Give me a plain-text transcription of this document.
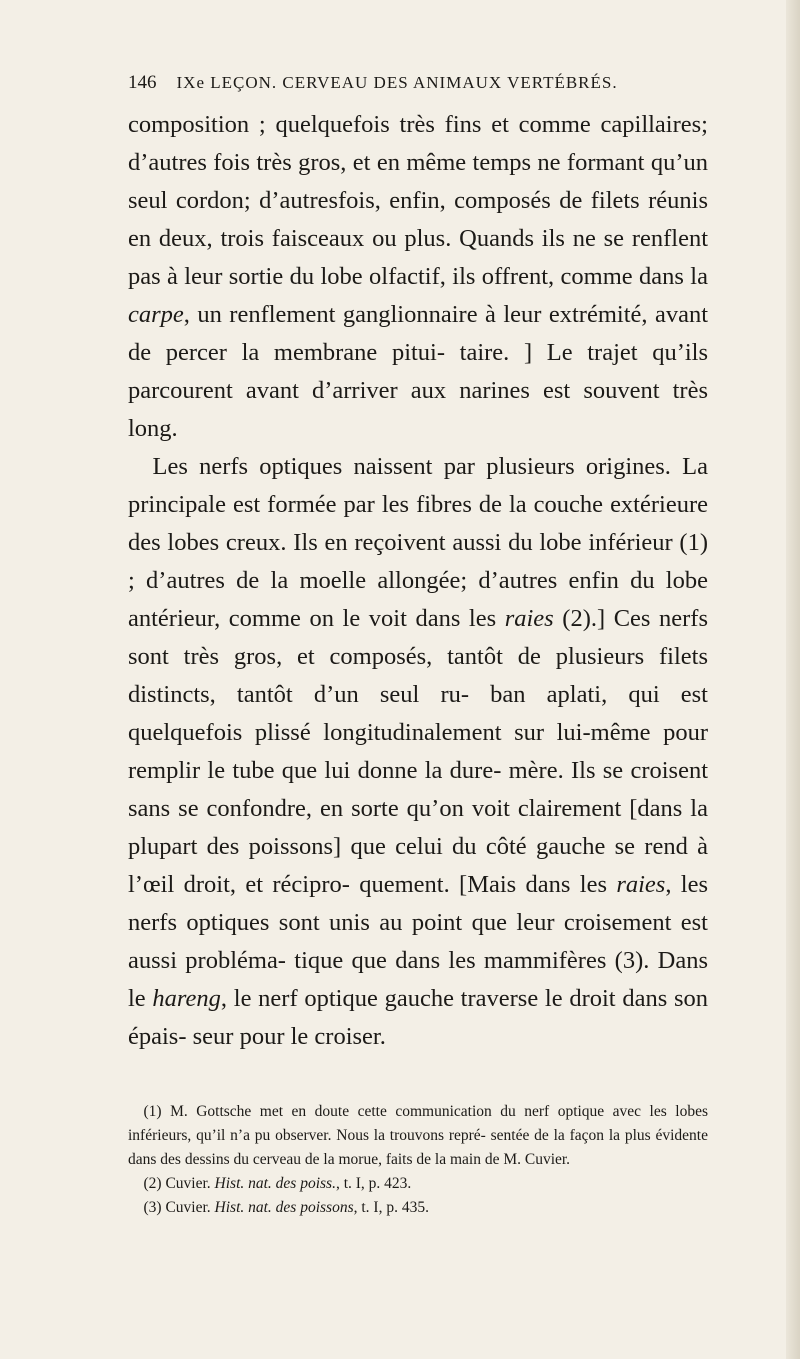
146 IXe LEÇON. CERVEAU DES ANIMAUX VERTÉBRÉS.

composition ; quelquefois très fins et comme capillaires; d’autres fois très gros, et en même temps ne formant qu’un seul cordon; d’autresfois, enfin, composés de filets réunis en deux, trois faisceaux ou plus. Quands ils ne se renflent pas à leur sortie du lobe olfactif, ils offrent, comme dans la carpe, un renflement ganglionnaire à leur extrémité, avant de percer la membrane pitui- taire. ] Le trajet qu’ils parcourent avant d’arriver aux narines est souvent très long.

Les nerfs optiques naissent par plusieurs origines. La principale est formée par les fibres de la couche extérieure des lobes creux. Ils en reçoivent aussi du lobe inférieur (1) ; d’autres de la moelle allongée; d’autres enfin du lobe antérieur, comme on le voit dans les raies (2).] Ces nerfs sont très gros, et composés, tantôt de plusieurs filets distincts, tantôt d’un seul ru- ban aplati, qui est quelquefois plissé longitudinalement sur lui-même pour remplir le tube que lui donne la dure- mère. Ils se croisent sans se confondre, en sorte qu’on voit clairement [dans la plupart des poissons] que celui du côté gauche se rend à l’œil droit, et récipro- quement. [Mais dans les raies, les nerfs optiques sont unis au point que leur croisement est aussi probléma- tique que dans les mammifères (3). Dans le hareng, le nerf optique gauche traverse le droit dans son épais- seur pour le croiser.

(1) M. Gottsche met en doute cette communication du nerf optique avec les lobes inférieurs, qu’il n’a pu observer. Nous la trouvons repré- sentée de la façon la plus évidente dans des dessins du cerveau de la morue, faits de la main de M. Cuvier.

(2) Cuvier. Hist. nat. des poiss., t. I, p. 423.

(3) Cuvier. Hist. nat. des poissons, t. I, p. 435.
